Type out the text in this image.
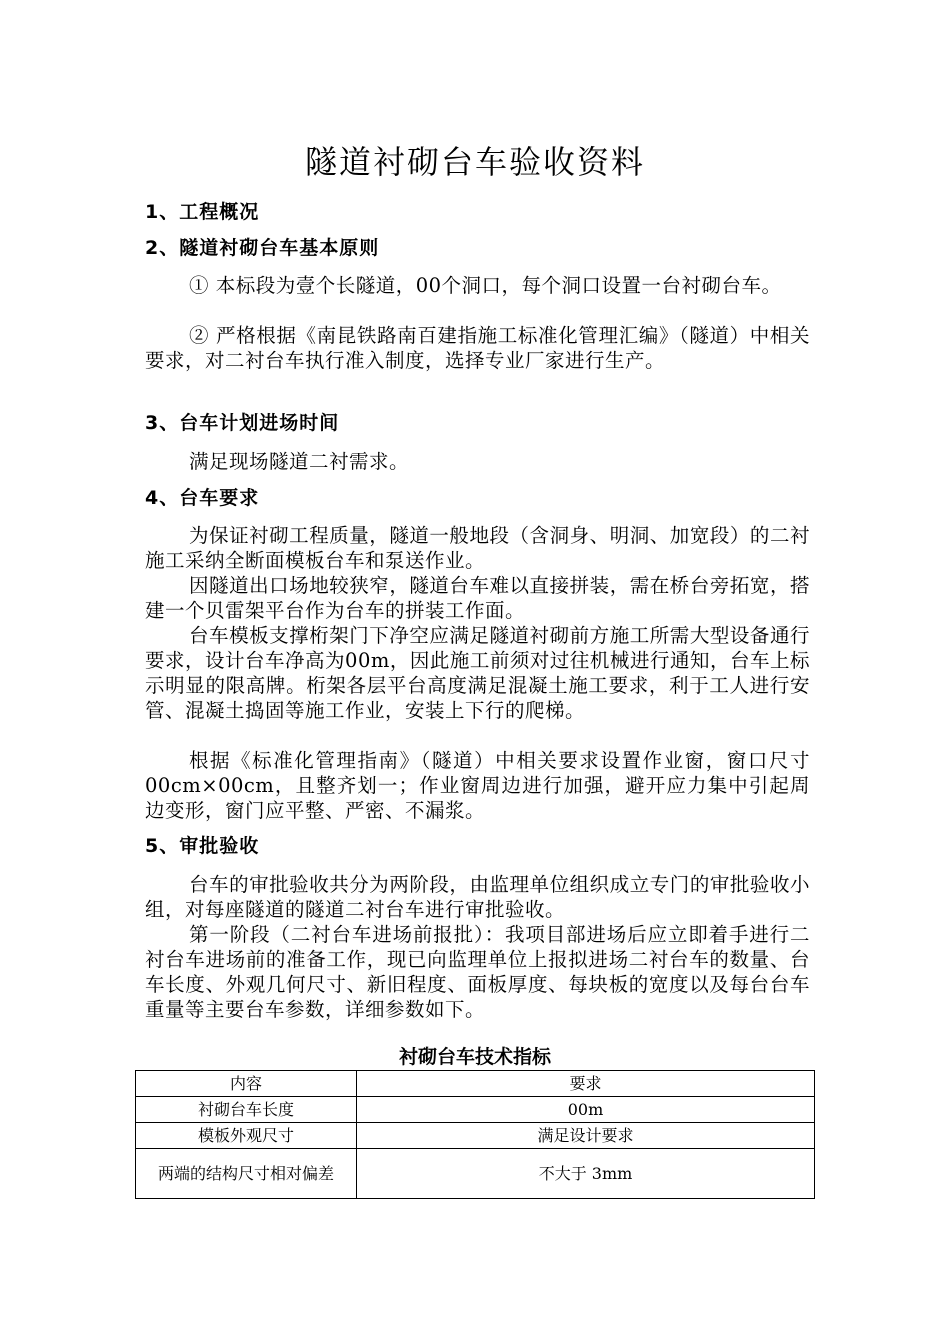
隧道衬砌台车验收资料
1、工程概况
2、隧道衬砌台车基本原则

① 本标段为壹个长隧道，00个洞口，每个洞口设置一台衬砌台车。

② 严格根据《南昆铁路南百建指施工标准化管理汇编》（隧道）中相关要求，对二衬台车执行准入制度，选择专业厂家进行生产。

3、台车计划进场时间

满足现场隧道二衬需求。

4、台车要求

为保证衬砌工程质量，隧道一般地段（含洞身、明洞、加宽段）的二衬施工采纳全断面模板台车和泵送作业。

因隧道出口场地较狭窄，隧道台车难以直接拼装，需在桥台旁拓宽，搭建一个贝雷架平台作为台车的拼装工作面。

台车模板支撑桁架门下净空应满足隧道衬砌前方施工所需大型设备通行要求，设计台车净高为00m，因此施工前须对过往机械进行通知，台车上标示明显的限高牌。桁架各层平台高度满足混凝土施工要求，利于工人进行安管、混凝土捣固等施工作业，安装上下行的爬梯。

根据《标准化管理指南》（隧道）中相关要求设置作业窗，窗口尺寸00cm×00cm，且整齐划一；作业窗周边进行加强，避开应力集中引起周边变形，窗门应平整、严密、不漏浆。

5、审批验收

台车的审批验收共分为两阶段，由监理单位组织成立专门的审批验收小组，对每座隧道的隧道二衬台车进行审批验收。

第一阶段（二衬台车进场前报批）：我项目部进场后应立即着手进行二衬台车进场前的准备工作，现已向监理单位上报拟进场二衬台车的数量、台车长度、外观几何尺寸、新旧程度、面板厚度、每块板的宽度以及每台台车重量等主要台车参数，详细参数如下。

衬砌台车技术指标
内容	要求
衬砌台车长度	00m
模板外观尺寸	满足设计要求
两端的结构尺寸相对偏差	不大于 3mm
